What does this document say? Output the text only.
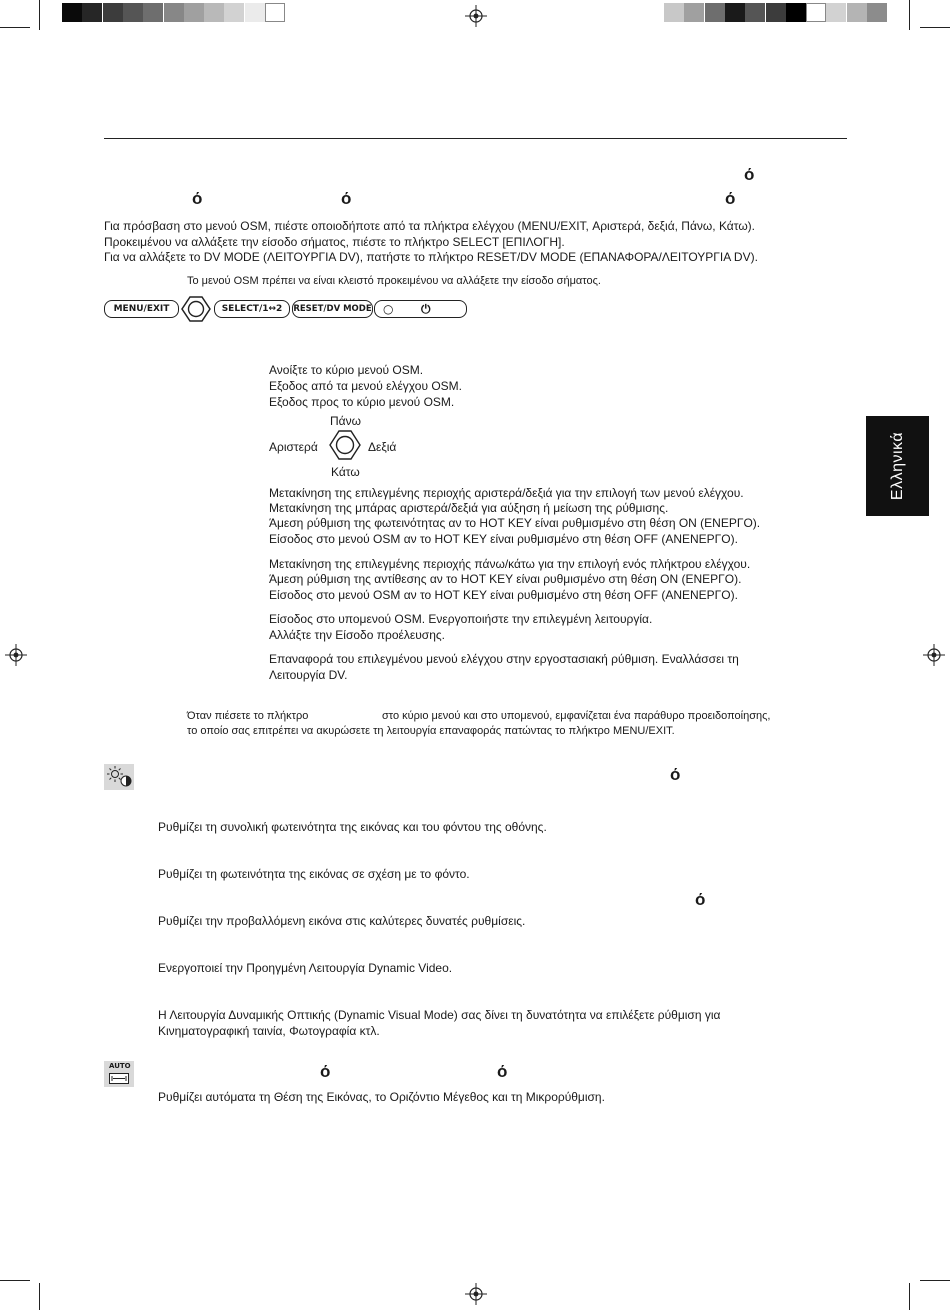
ό
ό	ό	ό
Για πρόσβαση στο μενού OSM, πιέστε οποιοδήποτε από τα πλήκτρα ελέγχου (MENU/EXIT, Αριστερά, δεξιά, Πάνω, Κάτω).
Προκειμένου να αλλάξετε την είσοδο σήματος, πιέστε το πλήκτρο SELECT [ΕΠΙΛΟΓΗ].
Για να αλλάξετε το DV MODE (ΛΕΙΤΟΥΡΓΙΑ DV), πατήστε το πλήκτρο RESET/DV MODE (ΕΠΑΝΑΦΟΡΑ/ΛΕΙΤΟΥΡΓΙΑ DV).
Το μενού OSM πρέπει να είναι κλειστό προκειμένου να αλλάξετε την είσοδο σήματος.
MENU/EXIT	SELECT/1↔2	RESET/DV MODE ○ ⏻
Ανοίξτε το κύριο μενού OSM.
Εξοδος από τα μενού ελέγχου OSM.
Εξοδος προς το κύριο μενού OSM.
Πάνω
Αριστερά	Δεξιά
Κάτω
Μετακίνηση της επιλεγμένης περιοχής αριστερά/δεξιά για την επιλογή των μενού ελέγχου.
Μετακίνηση της μπάρας αριστερά/δεξιά για αύξηση ή μείωση της ρύθμισης.
Άμεση ρύθμιση της φωτεινότητας αν το HOT KEY είναι ρυθμισμένο στη θέση ON (ΕΝΕΡΓΟ).
Είσοδος στο μενού OSM αν το HOT KEY είναι ρυθμισμένο στη θέση OFF (ΑΝΕΝΕΡΓΟ).
Μετακίνηση της επιλεγμένης περιοχής πάνω/κάτω για την επιλογή ενός πλήκτρου ελέγχου.
Άμεση ρύθμιση της αντίθεσης αν το HOT KEY είναι ρυθμισμένο στη θέση ON (ΕΝΕΡΓΟ).
Είσοδος στο μενού OSM αν το HOT KEY είναι ρυθμισμένο στη θέση OFF (ΑΝΕΝΕΡΓΟ).
Είσοδος στο υπομενού OSM. Ενεργοποιήστε την επιλεγμένη λειτουργία.
Αλλάξτε την Είσοδο προέλευσης.
Επαναφορά του επιλεγμένου μενού ελέγχου στην εργοστασιακή ρύθμιση. Εναλλάσσει τη
Λειτουργία DV.
Όταν πιέσετε το πλήκτρο	στο κύριο μενού και στο υπομενού, εμφανίζεται ένα παράθυρο προειδοποίησης,
το οποίο σας επιτρέπει να ακυρώσετε τη λειτουργία επαναφοράς πατώντας το πλήκτρο MENU/EXIT.
Ελληνικά
ό
ό
Ρυθμίζει τη συνολική φωτεινότητα της εικόνας και του φόντου της οθόνης.
Ρυθμίζει τη φωτεινότητα της εικόνας σε σχέση με το φόντο.
Ρυθμίζει την προβαλλόμενη εικόνα στις καλύτερες δυνατές ρυθμίσεις.
Ενεργοποιεί την Προηγμένη Λειτουργία Dynamic Video.
Η Λειτουργία Δυναμικής Οπτικής (Dynamic Visual Mode) σας δίνει τη δυνατότητα να επιλέξετε ρύθμιση για
Κινηματογραφική ταινία, Φωτογραφία κτλ.
AUTO	ό	ό
Ρυθμίζει αυτόματα τη Θέση της Εικόνας, το Οριζόντιο Μέγεθος και τη Μικρορύθμιση.
